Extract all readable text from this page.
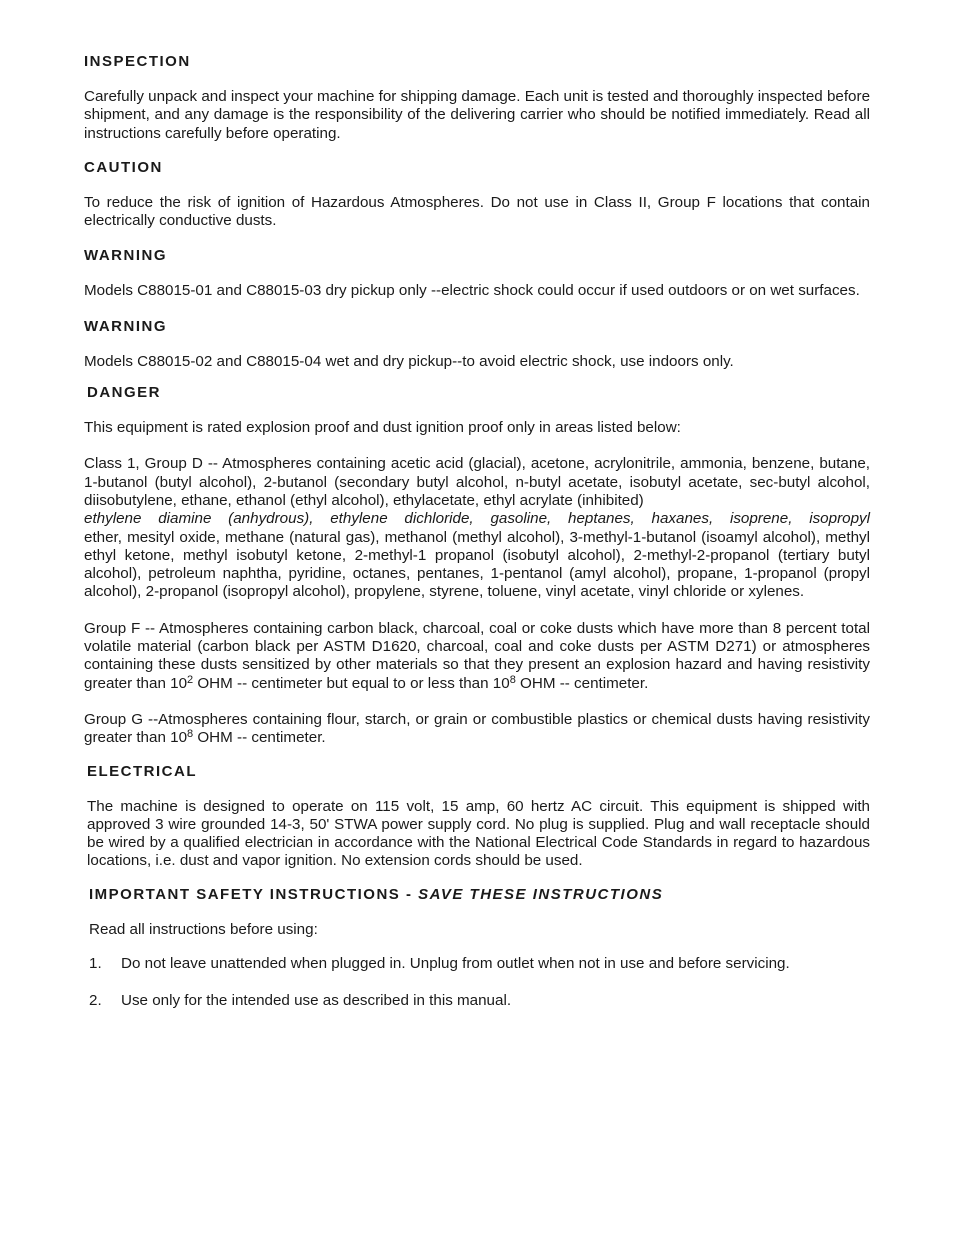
INSPECTION

Carefully unpack and inspect your machine for shipping damage. Each unit is tested and thoroughly inspected before shipment, and any damage is the responsibility of the delivering carrier who should be notified immediately. Read all instructions carefully before operating.

CAUTION

To reduce the risk of ignition of Hazardous Atmospheres. Do not use in Class II, Group F locations that contain electrically conductive dusts.

WARNING

Models C88015-01 and C88015-03 dry pickup only --electric shock could occur if used outdoors or on wet surfaces.

WARNING

Models C88015-02 and C88015-04 wet and dry pickup--to avoid electric shock, use indoors only.

DANGER

This equipment is rated explosion proof and dust ignition proof only in areas listed below:

Class 1, Group D -- Atmospheres containing acetic acid (glacial), acetone, acrylonitrile, ammonia, benzene, butane, 1-butanol (butyl alcohol), 2-butanol (secondary butyl alcohol, n-butyl acetate, isobutyl acetate, sec-butyl alcohol, diisobutylene, ethane, ethanol (ethyl alcohol), ethylacetate, ethyl acrylate (inhibited)

ethylene diamine (anhydrous), ethylene dichloride, gasoline, heptanes, haxanes, isoprene, isopropyl

ether, mesityl oxide, methane (natural gas), methanol (methyl alcohol), 3-methyl-1-butanol (isoamyl alcohol), methyl ethyl ketone, methyl isobutyl ketone, 2-methyl-1 propanol (isobutyl alcohol), 2-methyl-2-propanol (tertiary butyl alcohol), petroleum naphtha, pyridine, octanes, pentanes, 1-pentanol (amyl alcohol), propane, 1-propanol (propyl alcohol), 2-propanol (isopropyl alcohol), propylene, styrene, toluene, vinyl acetate, vinyl chloride or xylenes.

Group F -- Atmospheres containing carbon black, charcoal, coal or coke dusts which have more than 8 percent total volatile material (carbon black per ASTM D1620, charcoal, coal and coke dusts per ASTM D271) or atmospheres containing these dusts sensitized by other materials so that they present an explosion hazard and having resistivity greater than $10^2$ OHM -- centimeter but equal to or less than $10^8$ OHM -- centimeter.

Group G --Atmospheres containing flour, starch, or grain or combustible plastics or chemical dusts having resistivity greater than $10^8$ OHM -- centimeter.

ELECTRICAL

The machine is designed to operate on 115 volt, 15 amp, 60 hertz AC circuit. This equipment is shipped with approved 3 wire grounded 14-3, 50' STWA power supply cord. No plug is supplied. Plug and wall receptacle should be wired by a qualified electrician in accordance with the National Electrical Code Standards in regard to hazardous locations, i.e. dust and vapor ignition. No extension cords should be used.

IMPORTANT SAFETY INSTRUCTIONS - SAVE THESE INSTRUCTIONS

Read all instructions before using:

1.	Do not leave unattended when plugged in. Unplug from outlet when not in use and before servicing.
2.	Use only for the intended use as described in this manual.
